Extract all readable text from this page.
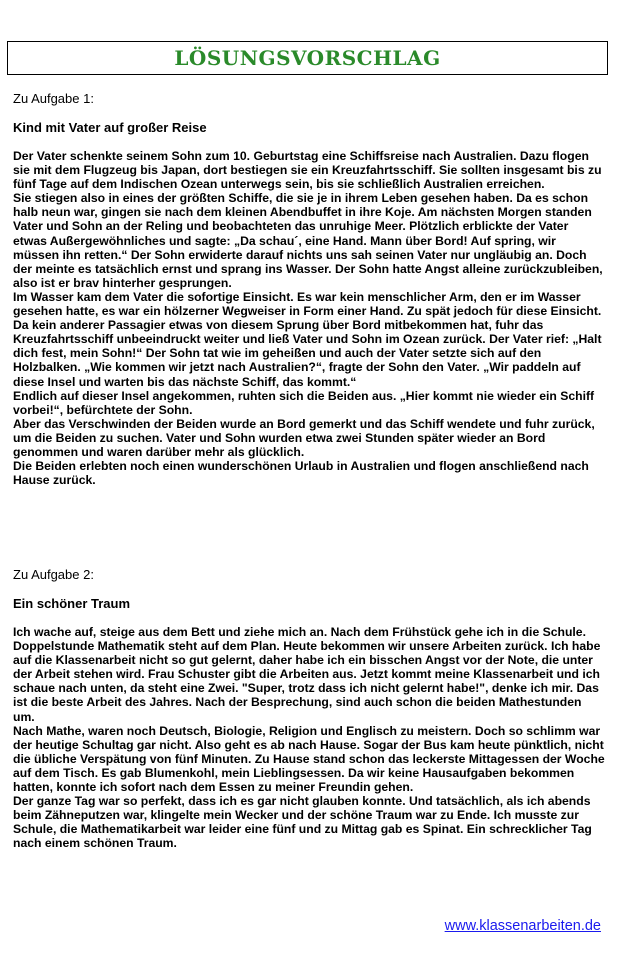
LÖSUNGSVORSCHLAG

Zu Aufgabe 1:

Kind mit Vater auf großer Reise

Der Vater schenkte seinem Sohn zum 10. Geburtstag eine Schiffsreise nach Australien. Dazu flogen sie mit dem Flugzeug bis Japan, dort bestiegen sie ein Kreuzfahrtsschiff. Sie sollten insgesamt bis zu fünf Tage auf dem Indischen Ozean unterwegs sein, bis sie schließlich Australien erreichen.

Sie stiegen also in eines der größten Schiffe, die sie je in ihrem Leben gesehen haben. Da es schon halb neun war, gingen sie nach dem kleinen Abendbuffet in ihre Koje. Am nächsten Morgen standen Vater und Sohn an der Reling und beobachteten das unruhige Meer. Plötzlich erblickte der Vater etwas Außergewöhnliches und sagte: „Da schau´, eine Hand. Mann über Bord! Auf spring, wir müssen ihn retten.“ Der Sohn erwiderte darauf nichts uns sah seinen Vater nur ungläubig an. Doch der meinte es tatsächlich ernst und sprang ins Wasser. Der Sohn hatte Angst alleine zurückzubleiben, also ist er brav hinterher gesprungen.

Im Wasser kam dem Vater die sofortige Einsicht. Es war kein menschlicher Arm, den er im Wasser gesehen hatte, es war ein hölzerner Wegweiser in Form einer Hand. Zu spät jedoch für diese Einsicht. Da kein anderer Passagier etwas von diesem Sprung über Bord mitbekommen hat, fuhr das Kreuzfahrtsschiff unbeeindruckt weiter und ließ Vater und Sohn im Ozean zurück. Der Vater rief: „Halt dich fest, mein Sohn!“ Der Sohn tat wie im geheißen und auch der Vater setzte sich auf den Holzbalken. „Wie kommen wir jetzt nach Australien?“, fragte der Sohn den Vater. „Wir paddeln auf diese Insel und warten bis das nächste Schiff, das kommt.“

Endlich auf dieser Insel angekommen, ruhten sich die Beiden aus. „Hier kommt nie wieder ein Schiff vorbei!“, befürchtete der Sohn.

Aber das Verschwinden der Beiden wurde an Bord gemerkt und das Schiff wendete und fuhr zurück, um die Beiden zu suchen. Vater und Sohn wurden etwa zwei Stunden später wieder an Bord genommen und waren darüber mehr als glücklich.

Die Beiden erlebten noch einen wunderschönen Urlaub in Australien und flogen anschließend nach Hause zurück.

Zu Aufgabe 2:

Ein schöner Traum

Ich wache auf, steige aus dem Bett und ziehe mich an. Nach dem Frühstück gehe ich in die Schule. Doppelstunde Mathematik steht auf dem Plan. Heute bekommen wir unsere Arbeiten zurück. Ich habe auf die Klassenarbeit nicht so gut gelernt, daher habe ich ein bisschen Angst vor der Note, die unter der Arbeit stehen wird. Frau Schuster gibt die Arbeiten aus. Jetzt kommt meine Klassenarbeit und ich schaue nach unten, da steht eine Zwei. "Super, trotz dass ich nicht gelernt habe!", denke ich mir. Das ist die beste Arbeit des Jahres. Nach der Besprechung, sind auch schon die beiden Mathestunden um.

Nach Mathe, waren noch Deutsch, Biologie, Religion und Englisch zu meistern. Doch so schlimm war der heutige Schultag gar nicht. Also geht es ab nach Hause. Sogar der Bus kam heute pünktlich, nicht die übliche Verspätung von fünf Minuten. Zu Hause stand schon das leckerste Mittagessen der Woche auf dem Tisch. Es gab Blumenkohl, mein Lieblingsessen. Da wir keine Hausaufgaben bekommen hatten, konnte ich sofort nach dem Essen zu meiner Freundin gehen.

Der ganze Tag war so perfekt, dass ich es gar nicht glauben konnte. Und tatsächlich, als ich abends beim Zähneputzen war, klingelte mein Wecker und der schöne Traum war zu Ende. Ich musste zur Schule, die Mathematikarbeit war leider eine fünf und zu Mittag gab es Spinat. Ein schrecklicher Tag nach einem schönen Traum.

www.klassenarbeiten.de
